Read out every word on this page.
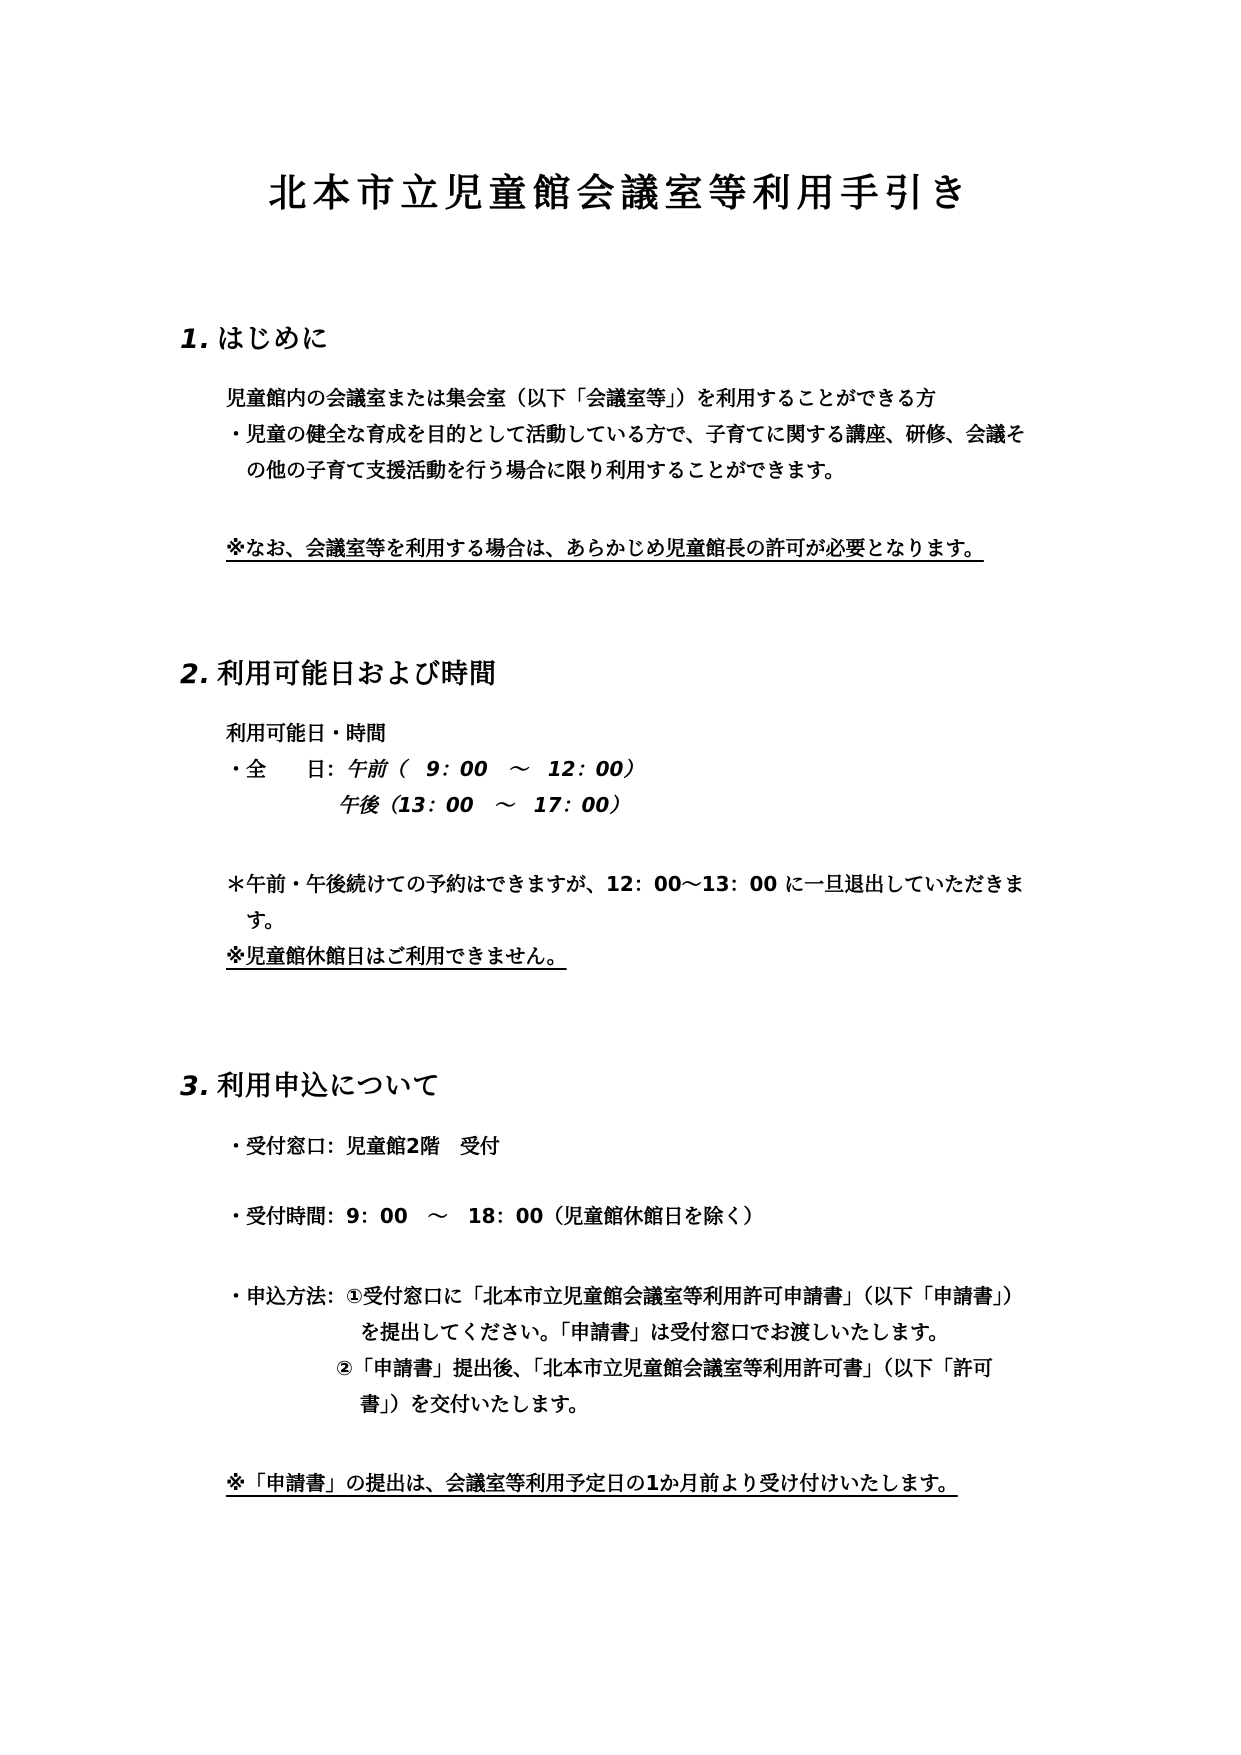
北本市立児童館会議室等利用手引き
1. はじめに
児童館内の会議室または集会室（以下「会議室等」）を利用することができる方
・児童の健全な育成を目的として活動している方で、子育てに関する講座、研修、会議そ
の他の子育て支援活動を行う場合に限り利用することができます。
※なお、会議室等を利用する場合は、あらかじめ児童館長の許可が必要となります。
2. 利用可能日および時間
利用可能日・時間
・全　　日：午前（　9：00　～　12：00）
午後（13：00　～　17：00）
＊午前・午後続けての予約はできますが、12：00～13：00 に一旦退出していただきま
す。
※児童館休館日はご利用できません。
3. 利用申込について
・受付窓口：児童館2階　受付
・受付時間：9：00　～　18：00（児童館休館日を除く）
・申込方法：①受付窓口に「北本市立児童館会議室等利用許可申請書」（以下「申請書」）
を提出してください。「申請書」は受付窓口でお渡しいたします。
②「申請書」提出後、「北本市立児童館会議室等利用許可書」（以下「許可
書」）を交付いたします。
※「申請書」の提出は、会議室等利用予定日の1か月前より受け付けいたします。
